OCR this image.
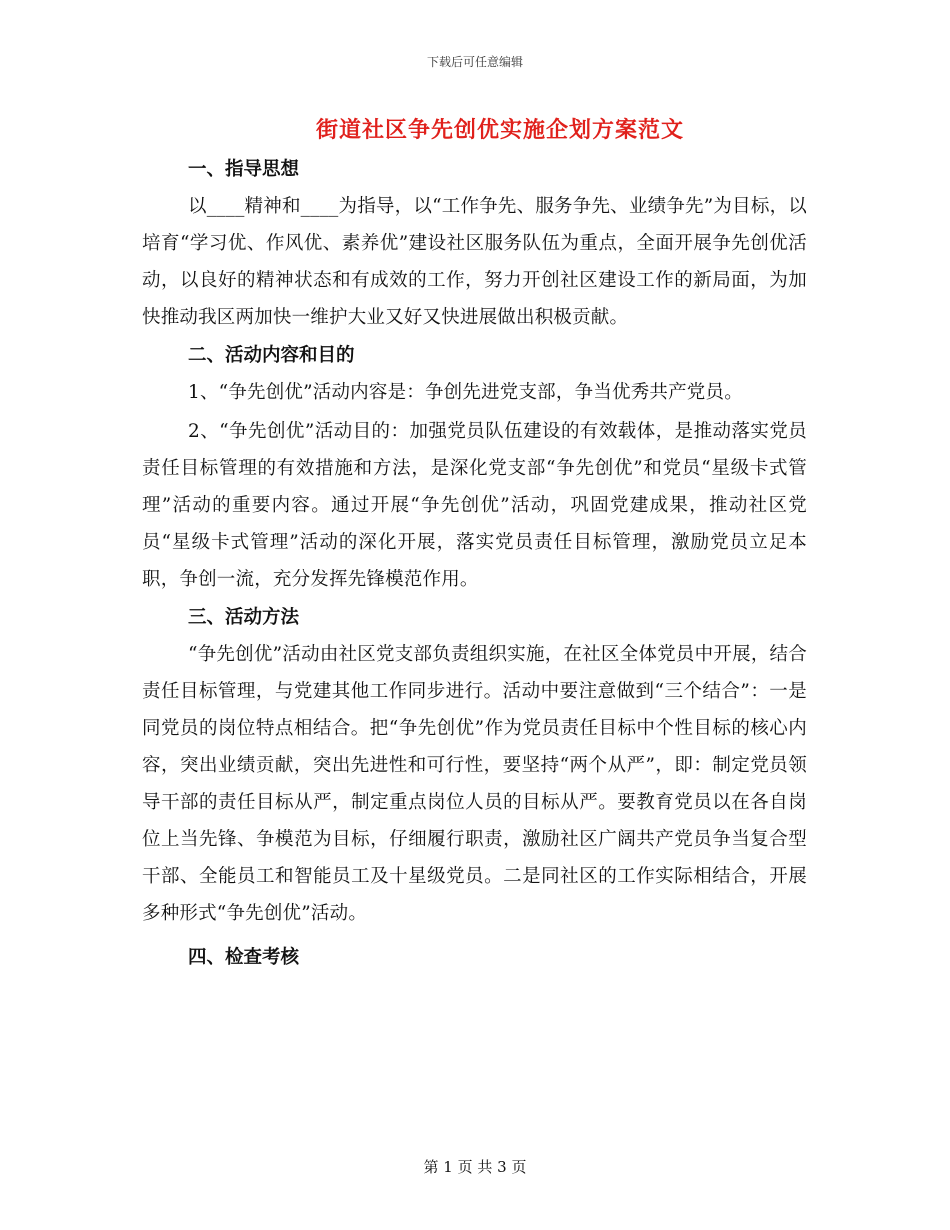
下载后可任意编辑
街道社区争先创优实施企划方案范文
一、指导思想

以____精神和____为指导，以“工作争先、服务争先、业绩争先”为目标，以培育“学习优、作风优、素养优”建设社区服务队伍为重点，全面开展争先创优活动，以良好的精神状态和有成效的工作，努力开创社区建设工作的新局面，为加快推动我区两加快一维护大业又好又快进展做出积极贡献。

二、活动内容和目的

1、“争先创优”活动内容是：争创先进党支部，争当优秀共产党员。

2、“争先创优”活动目的：加强党员队伍建设的有效载体，是推动落实党员责任目标管理的有效措施和方法，是深化党支部“争先创优”和党员“星级卡式管理”活动的重要内容。通过开展“争先创优”活动，巩固党建成果，推动社区党员“星级卡式管理”活动的深化开展，落实党员责任目标管理，激励党员立足本职，争创一流，充分发挥先锋模范作用。

三、活动方法

“争先创优”活动由社区党支部负责组织实施，在社区全体党员中开展，结合责任目标管理，与党建其他工作同步进行。活动中要注意做到“三个结合”：一是同党员的岗位特点相结合。把“争先创优”作为党员责任目标中个性目标的核心内容，突出业绩贡献，突出先进性和可行性，要坚持“两个从严”，即：制定党员领导干部的责任目标从严，制定重点岗位人员的目标从严。要教育党员以在各自岗位上当先锋、争模范为目标，仔细履行职责，激励社区广阔共产党员争当复合型干部、全能员工和智能员工及十星级党员。二是同社区的工作实际相结合，开展多种形式“争先创优”活动。

四、检查考核
第 1 页 共 3 页
